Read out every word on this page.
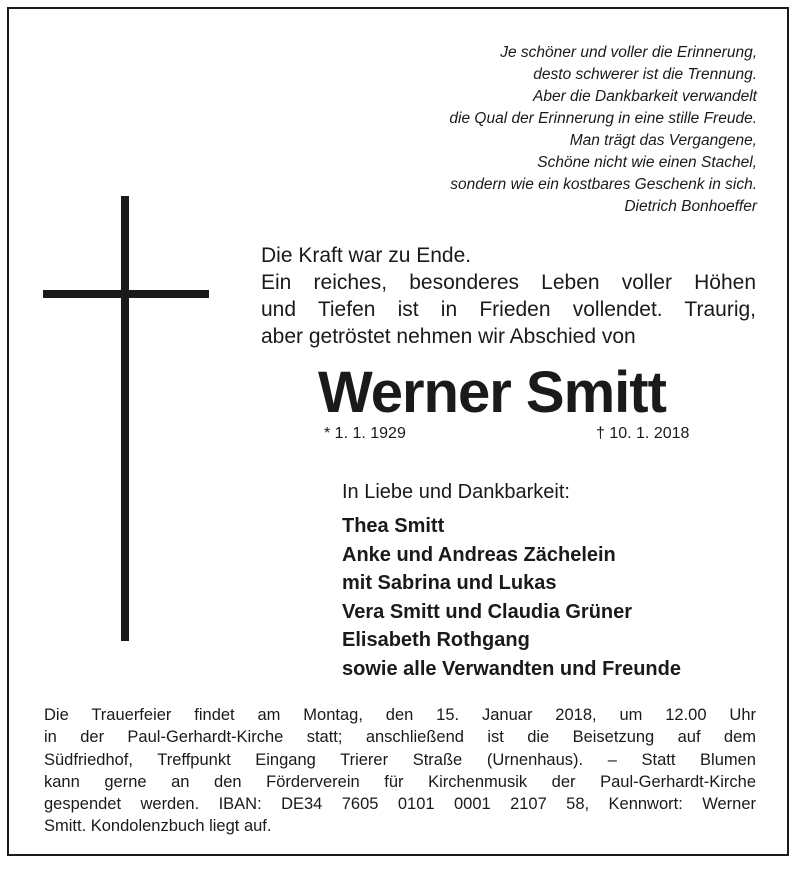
Je schöner und voller die Erinnerung,
desto schwerer ist die Trennung.
Aber die Dankbarkeit verwandelt
die Qual der Erinnerung in eine stille Freude.
Man trägt das Vergangene,
Schöne nicht wie einen Stachel,
sondern wie ein kostbares Geschenk in sich.
Dietrich Bonhoeffer
Die Kraft war zu Ende.
Ein reiches, besonderes Leben voller Höhen
und Tiefen ist in Frieden vollendet. Traurig,
aber getröstet nehmen wir Abschied von
Werner Smitt
* 1. 1. 1929	† 10. 1. 2018
In Liebe und Dankbarkeit:
Thea Smitt
Anke und Andreas Zächelein
mit Sabrina und Lukas
Vera Smitt und Claudia Grüner
Elisabeth Rothgang
sowie alle Verwandten und Freunde
Die Trauerfeier findet am Montag, den 15. Januar 2018, um 12.00 Uhr
in der Paul-Gerhardt-Kirche statt; anschließend ist die Beisetzung auf dem
Südfriedhof, Treffpunkt Eingang Trierer Straße (Urnenhaus). – Statt Blumen
kann gerne an den Förderverein für Kirchenmusik der Paul-Gerhardt-Kirche
gespendet werden. IBAN: DE34 7605 0101 0001 2107 58, Kennwort: Werner
Smitt. Kondolenzbuch liegt auf.
